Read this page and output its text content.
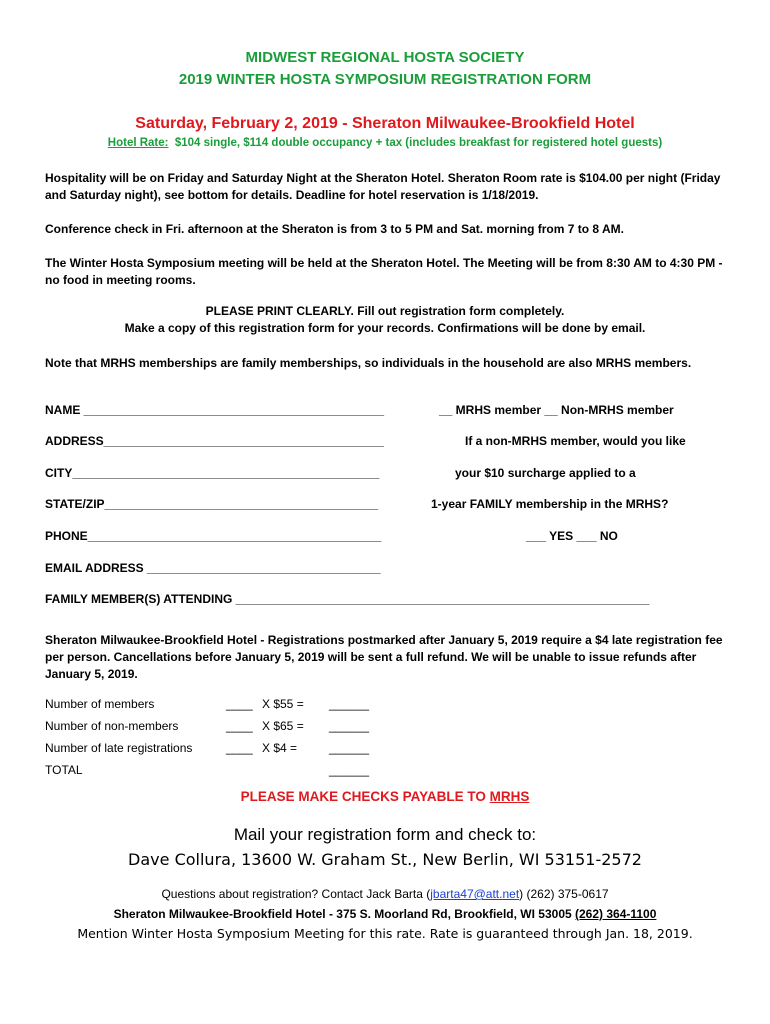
MIDWEST REGIONAL HOSTA SOCIETY
2019 WINTER HOSTA SYMPOSIUM REGISTRATION FORM
Saturday, February 2, 2019 - Sheraton Milwaukee-Brookfield Hotel
Hotel Rate: $104 single, $114 double occupancy + tax (includes breakfast for registered hotel guests)
Hospitality will be on Friday and Saturday Night at the Sheraton Hotel. Sheraton Room rate is $104.00 per night (Friday and Saturday night), see bottom for details. Deadline for hotel reservation is 1/18/2019.
Conference check in Fri. afternoon at the Sheraton is from 3 to 5 PM and Sat. morning from 7 to 8 AM.
The Winter Hosta Symposium meeting will be held at the Sheraton Hotel. The Meeting will be from 8:30 AM to 4:30 PM - no food in meeting rooms.
PLEASE PRINT CLEARLY. Fill out registration form completely.
Make a copy of this registration form for your records. Confirmations will be done by email.
Note that MRHS memberships are family memberships, so individuals in the household are also MRHS members.
NAME _____________________________________________
ADDRESS__________________________________________
CITY______________________________________________
STATE/ZIP_________________________________________
PHONE____________________________________________
EMAIL ADDRESS ___________________________________
FAMILY MEMBER(S) ATTENDING ______________________________________________________________
__ MRHS member __ Non-MRHS member
If a non-MRHS member, would you like
your $10 surcharge applied to a
1-year FAMILY membership in the MRHS?
___ YES ___ NO
Sheraton Milwaukee-Brookfield Hotel - Registrations postmarked after January 5, 2019 require a $4 late registration fee per person. Cancellations before January 5, 2019 will be sent a full refund. We will be unable to issue refunds after January 5, 2019.
Number of members	____ X $55 = ______
Number of non-members	____ X $65 = ______
Number of late registrations	____ X $4 =	______
TOTAL	______
PLEASE MAKE CHECKS PAYABLE TO MRHS
Mail your registration form and check to:
Dave Collura, 13600 W. Graham St., New Berlin, WI 53151-2572
Questions about registration? Contact Jack Barta (jbarta47@att.net) (262) 375-0617
Sheraton Milwaukee-Brookfield Hotel - 375 S. Moorland Rd, Brookfield, WI 53005 (262) 364-1100
Mention Winter Hosta Symposium Meeting for this rate. Rate is guaranteed through Jan. 18, 2019.
